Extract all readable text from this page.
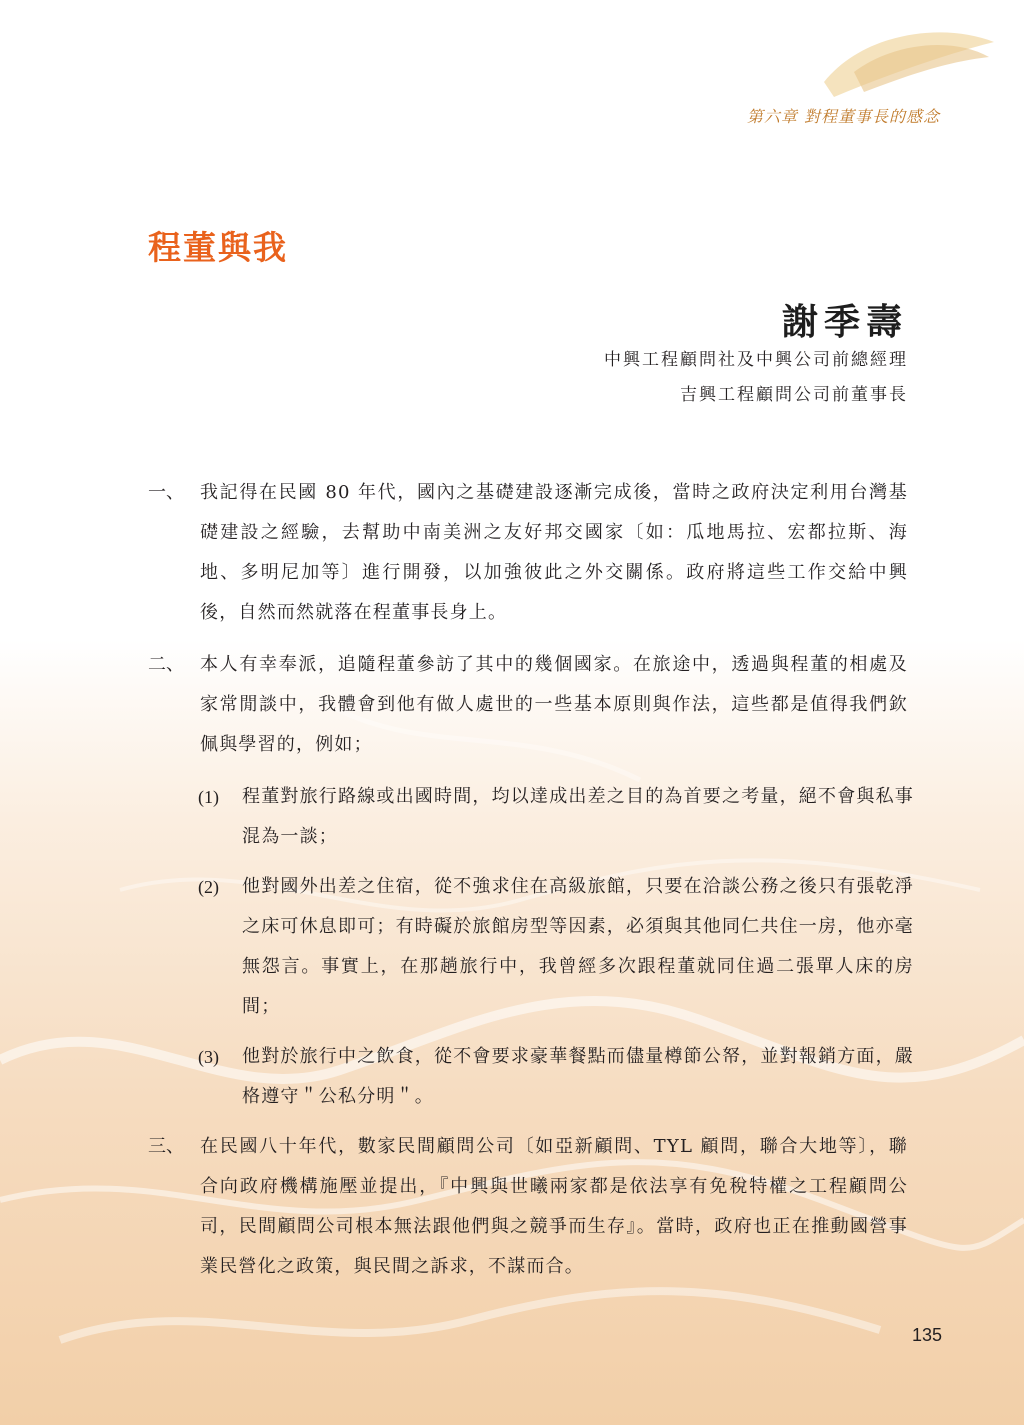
第六章 對程董事長的感念
程董與我
謝季壽
中興工程顧問社及中興公司前總經理
吉興工程顧問公司前董事長
一、 我記得在民國 80 年代，國內之基礎建設逐漸完成後，當時之政府決定利用台灣基礎建設之經驗，去幫助中南美洲之友好邦交國家〔如：瓜地馬拉、宏都拉斯、海地、多明尼加等〕進行開發，以加強彼此之外交關係。政府將這些工作交給中興後，自然而然就落在程董事長身上。
二、 本人有幸奉派，追隨程董參訪了其中的幾個國家。在旅途中，透過與程董的相處及家常閒談中，我體會到他有做人處世的一些基本原則與作法，這些都是值得我們欽佩與學習的，例如；
(1)	程董對旅行路線或出國時間，均以達成出差之目的為首要之考量，絕不會與私事混為一談；
(2)	他對國外出差之住宿，從不強求住在高級旅館，只要在洽談公務之後只有張乾淨之床可休息即可；有時礙於旅館房型等因素，必須與其他同仁共住一房，他亦毫無怨言。事實上，在那趟旅行中，我曾經多次跟程董就同住過二張單人床的房間；
(3)	他對於旅行中之飲食，從不會要求豪華餐點而儘量樽節公帑，並對報銷方面，嚴格遵守＂公私分明＂。
三、 在民國八十年代，數家民間顧問公司〔如亞新顧問、TYL 顧問，聯合大地等〕，聯合向政府機構施壓並提出，『中興與世曦兩家都是依法享有免稅特權之工程顧問公司，民間顧問公司根本無法跟他們與之競爭而生存』。當時，政府也正在推動國營事業民營化之政策，與民間之訴求，不謀而合。
135
